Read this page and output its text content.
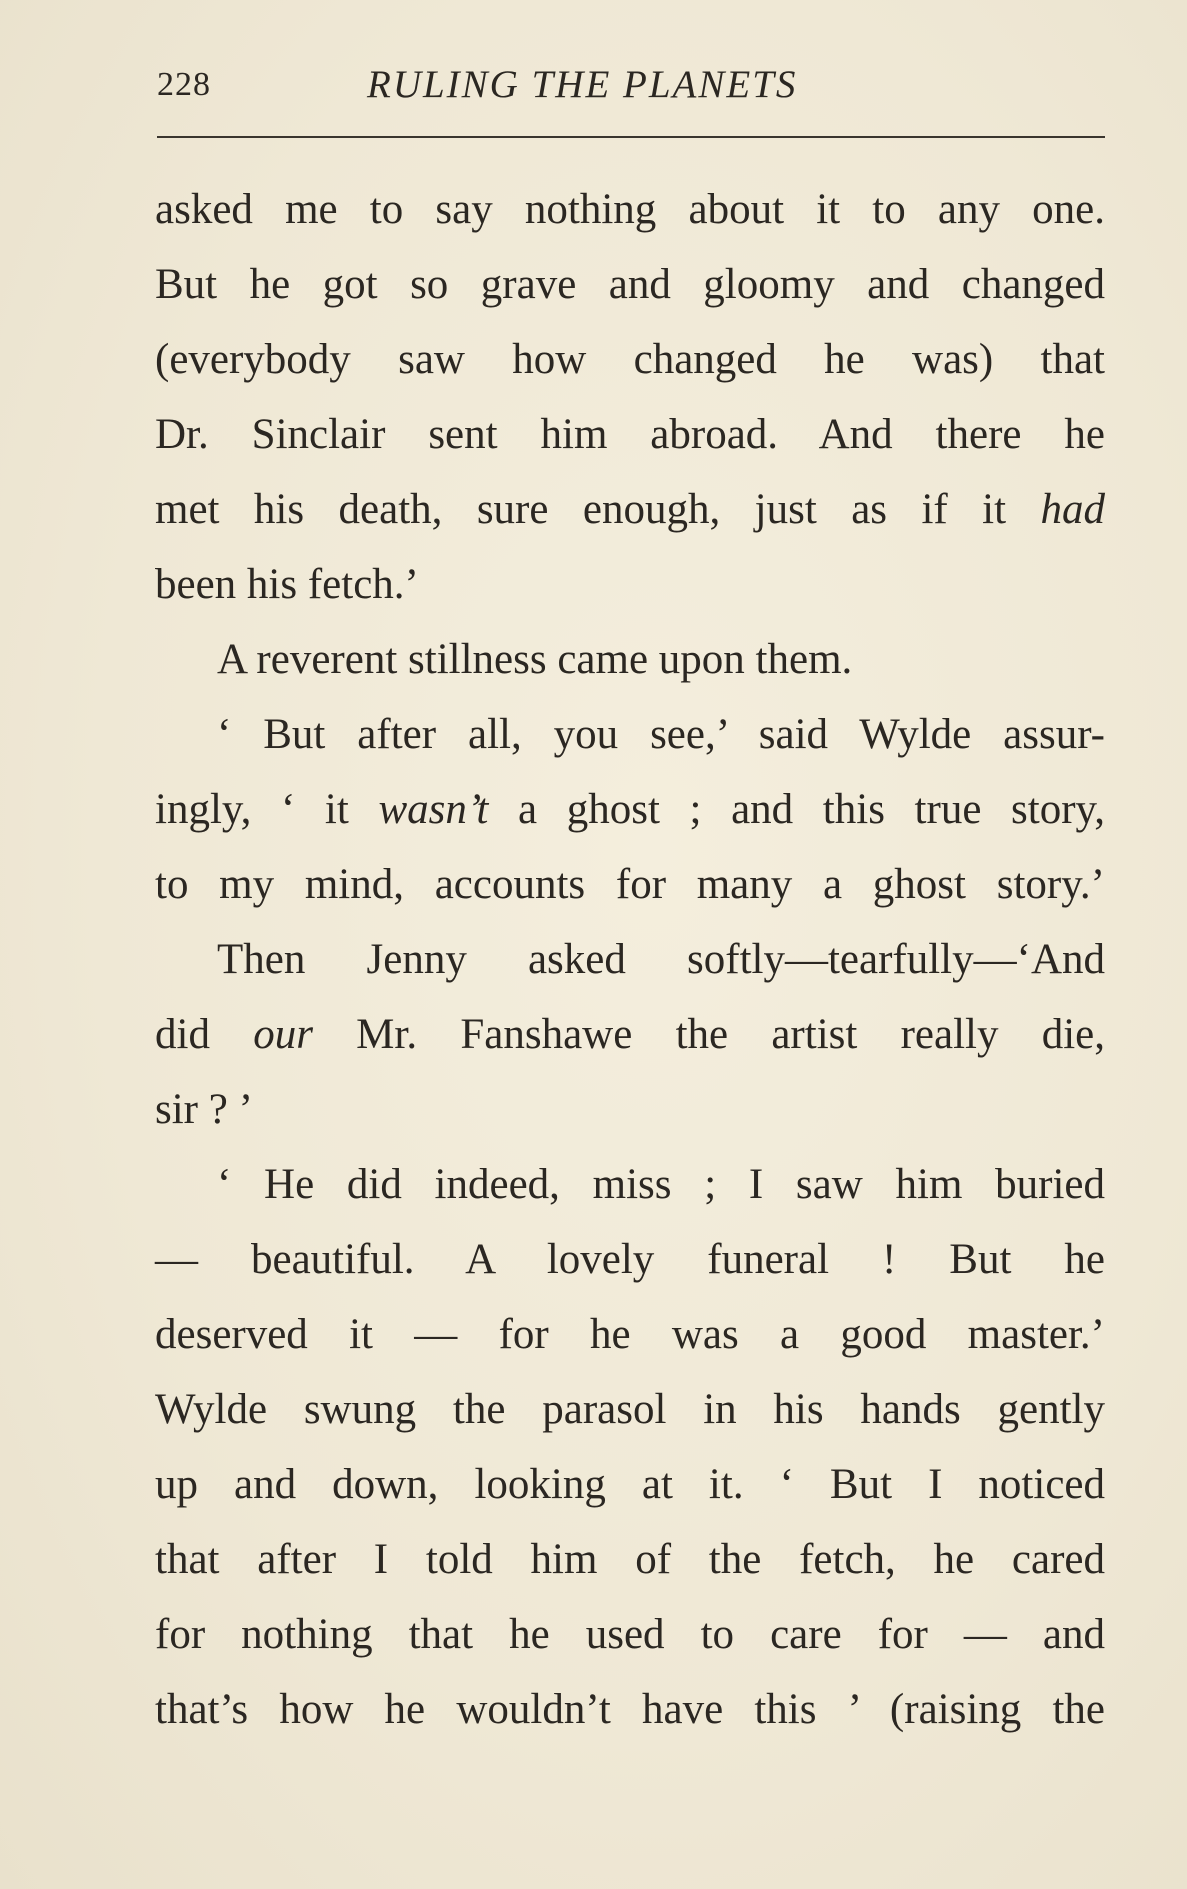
228	RULING THE PLANETS
asked me to say nothing about it to any one.
But he got so grave and gloomy and changed
(everybody saw how changed he was) that
Dr. Sinclair sent him abroad. And there he
met his death, sure enough, just as if it had
been his fetch.’
A reverent stillness came upon them.
‘ But after all, you see,’ said Wylde assur-
ingly, ‘ it wasn’t a ghost ; and this true story,
to my mind, accounts for many a ghost story.’
Then Jenny asked softly—tearfully—‘And
did our Mr. Fanshawe the artist really die,
sir ? ’
‘ He did indeed, miss ; I saw him buried
— beautiful. A lovely funeral ! But he
deserved it — for he was a good master.’
Wylde swung the parasol in his hands gently
up and down, looking at it. ‘ But I noticed
that after I told him of the fetch, he cared
for nothing that he used to care for — and
that’s how he wouldn’t have this ’ (raising the
